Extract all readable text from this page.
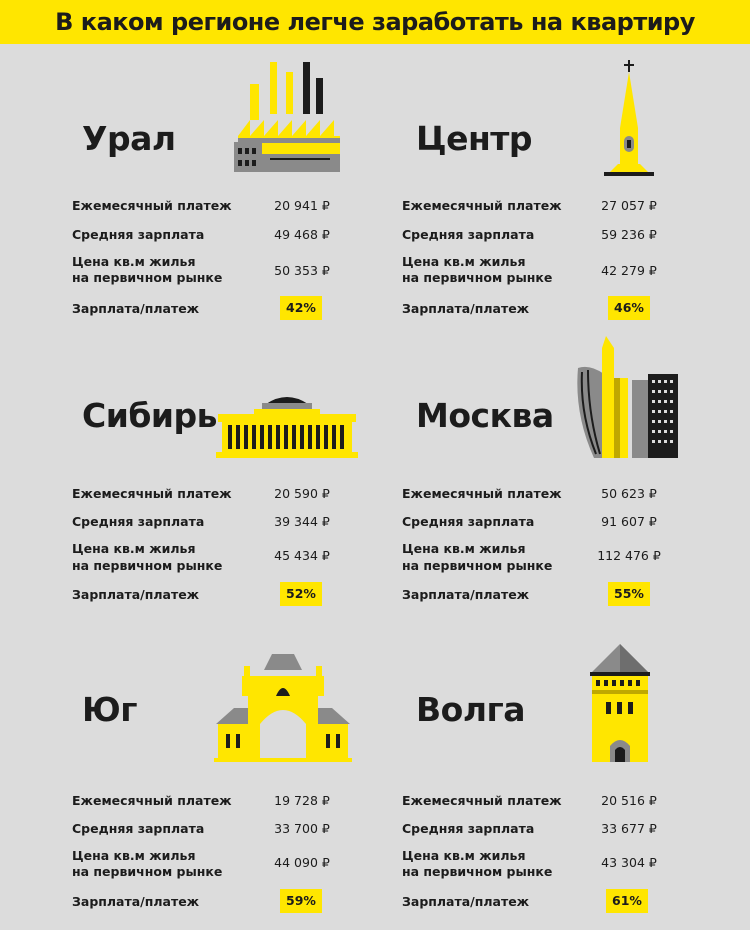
В каком регионе легче заработать на квартиру
Урал
Ежемесячный платеж	20 941 ₽
Средняя зарплата	49 468 ₽
Цена кв.м жилья
на первичном рынке	50 353 ₽
Зарплата/платеж	42%
Центр
Ежемесячный платеж	27 057 ₽
Средняя зарплата	59 236 ₽
Цена кв.м жилья
на первичном рынке	42 279 ₽
Зарплата/платеж	46%
Сибирь
Ежемесячный платеж	20 590 ₽
Средняя зарплата	39 344 ₽
Цена кв.м жилья
на первичном рынке
45 434 ₽
Зарплата/платеж	52%
Москва
Ежемесячный платеж	50 623 ₽
Средняя зарплата	91 607 ₽
Цена кв.м жилья
на первичном рынке
112 476 ₽
Зарплата/платеж	55%
Юг
Ежемесячный платеж	19 728 ₽
Средняя зарплата	33 700 ₽
Цена кв.м жилья
на первичном рынке
44 090 ₽
Зарплата/платеж	59%
Волга
Ежемесячный платеж	20 516 ₽
Средняя зарплата	33 677 ₽
Цена кв.м жилья
на первичном рынке
43 304 ₽
Зарплата/платеж	61%
